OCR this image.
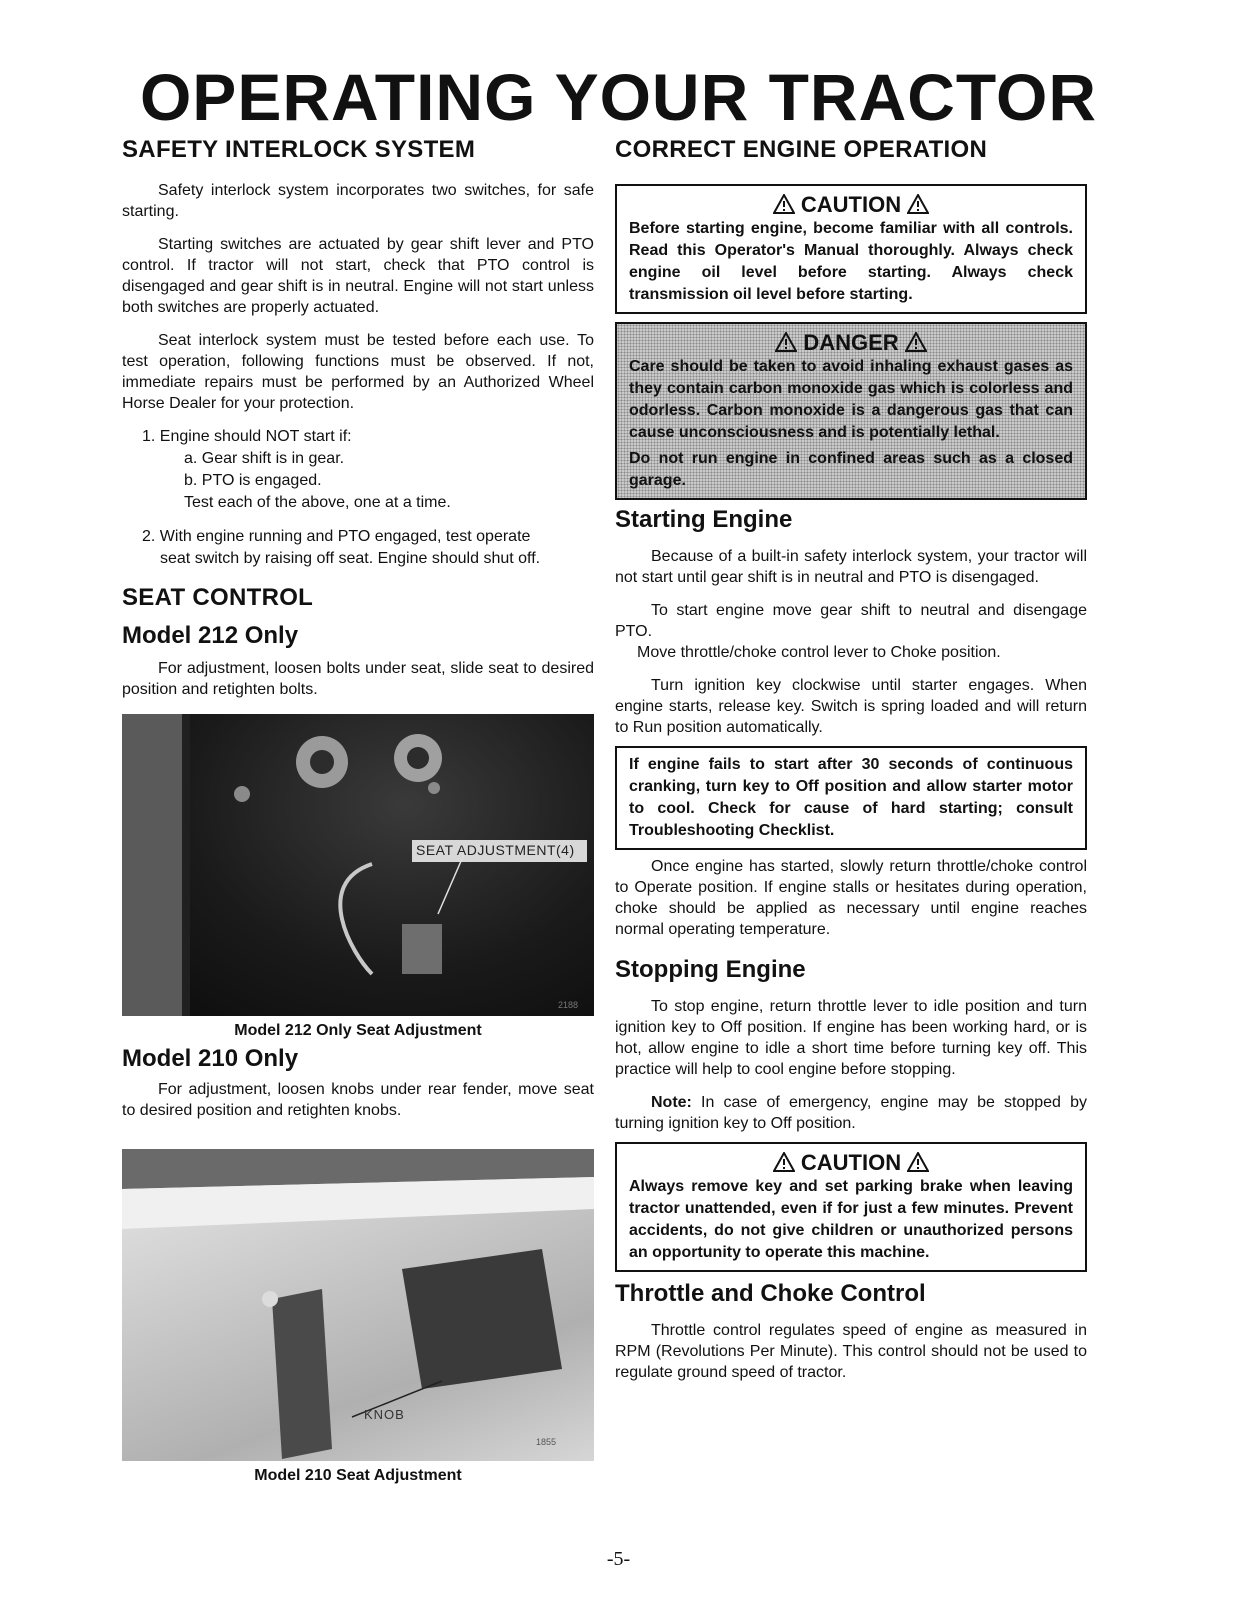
OPERATING YOUR TRACTOR
SAFETY INTERLOCK SYSTEM

Safety interlock system incorporates two switches, for safe starting.

Starting switches are actuated by gear shift lever and PTO control. If tractor will not start, check that PTO control is disengaged and gear shift is in neutral. Engine will not start unless both switches are properly actuated.

Seat interlock system must be tested before each use. To test operation, following functions must be observed. If not, immediate repairs must be performed by an Authorized Wheel Horse Dealer for your protection.

1. Engine should NOT start if:
a. Gear shift is in gear.
b. PTO is engaged.
Test each of the above, one at a time.
2. With engine running and PTO engaged, test operate seat switch by raising off seat. Engine should shut off.
SEAT CONTROL
Model 212 Only

For adjustment, loosen bolts under seat, slide seat to desired position and retighten bolts.

SEAT ADJUSTMENT(4)
2188

Model 212 Only Seat Adjustment

Model 210 Only

For adjustment, loosen knobs under rear fender, move seat to desired position and retighten knobs.

KNOB
1855

Model 210 Seat Adjustment

CORRECT ENGINE OPERATION
CAUTION

Before starting engine, become familiar with all controls. Read this Operator's Manual thoroughly. Always check engine oil level before starting. Always check transmission oil level before starting.

DANGER

Care should be taken to avoid inhaling exhaust gases as they contain carbon monoxide gas which is colorless and odorless. Carbon monoxide is a dangerous gas that can cause unconsciousness and is potentially lethal.

Do not run engine in confined areas such as a closed garage.

Starting Engine

Because of a built-in safety interlock system, your tractor will not start until gear shift is in neutral and PTO is disengaged.

To start engine move gear shift to neutral and disengage PTO.

Move throttle/choke control lever to Choke position.

Turn ignition key clockwise until starter engages. When engine starts, release key. Switch is spring loaded and will return to Run position automatically.

If engine fails to start after 30 seconds of continuous cranking, turn key to Off position and allow starter motor to cool. Check for cause of hard starting; consult Troubleshooting Checklist.

Once engine has started, slowly return throttle/choke control to Operate position. If engine stalls or hesitates during operation, choke should be applied as necessary until engine reaches normal operating temperature.

Stopping Engine

To stop engine, return throttle lever to idle position and turn ignition key to Off position. If engine has been working hard, or is hot, allow engine to idle a short time before turning key off. This practice will help to cool engine before stopping.

Note: In case of emergency, engine may be stopped by turning ignition key to Off position.

CAUTION

Always remove key and set parking brake when leaving tractor unattended, even if for just a few minutes. Prevent accidents, do not give children or unauthorized persons an opportunity to operate this machine.

Throttle and Choke Control

Throttle control regulates speed of engine as measured in RPM (Revolutions Per Minute). This control should not be used to regulate ground speed of tractor.

-5-
